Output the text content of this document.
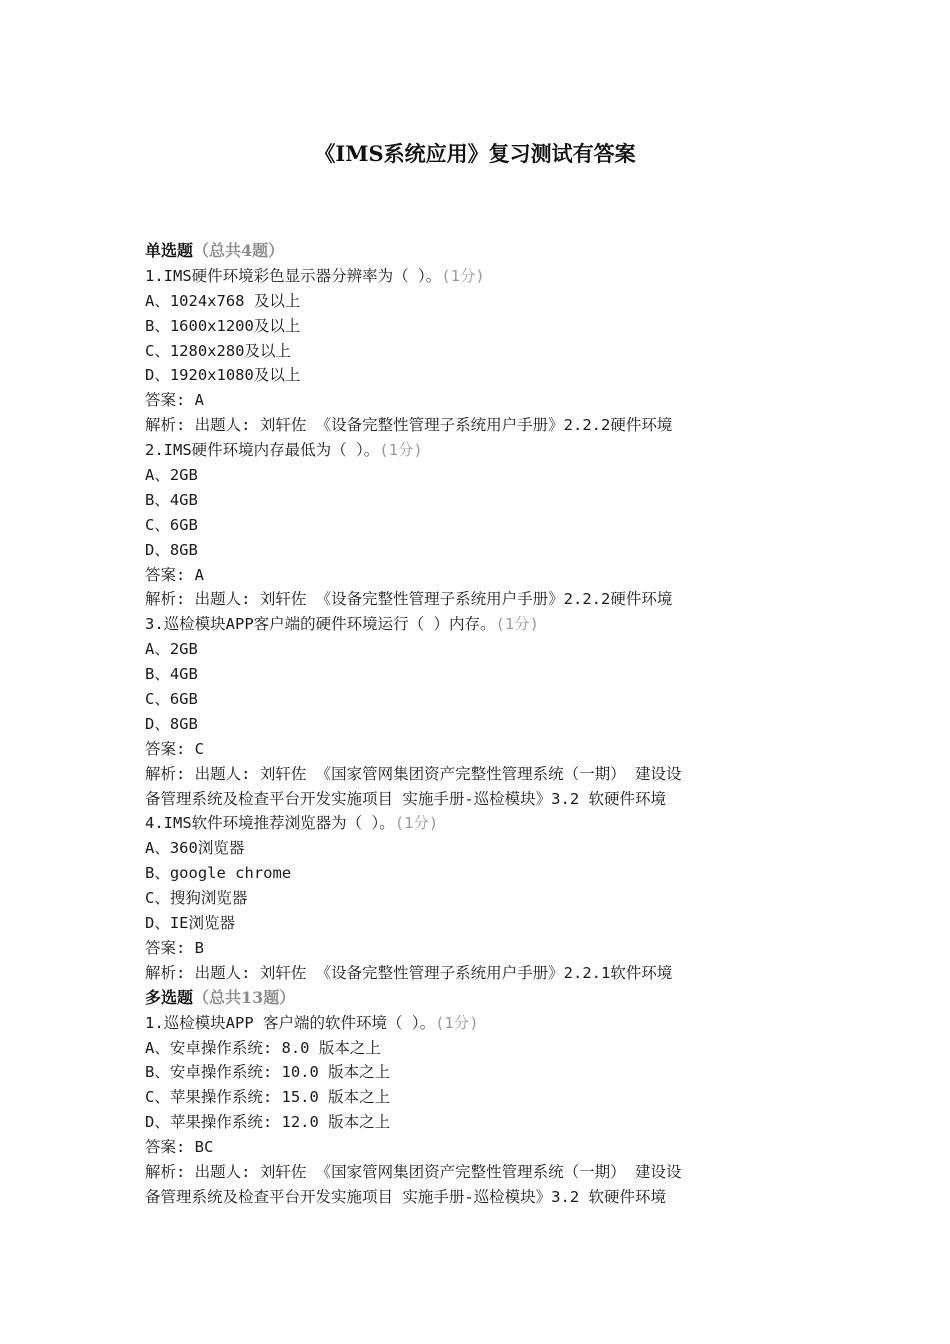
《IMS系统应用》复习测试有答案
单选题（总共4题）
1.IMS硬件环境彩色显示器分辨率为（ ）。(1分)
A、1024x768 及以上
B、1600x1200及以上
C、1280x280及以上
D、1920x1080及以上
答案: A
解析: 出题人: 刘轩佐 《设备完整性管理子系统用户手册》2.2.2硬件环境
2.IMS硬件环境内存最低为（ ）。(1分)
A、2GB
B、4GB
C、6GB
D、8GB
答案: A
解析: 出题人: 刘轩佐 《设备完整性管理子系统用户手册》2.2.2硬件环境
3.巡检模块APP客户端的硬件环境运行（ ）内存。(1分)
A、2GB
B、4GB
C、6GB
D、8GB
答案: C
解析: 出题人: 刘轩佐 《国家管网集团资产完整性管理系统（一期） 建设设
备管理系统及检查平台开发实施项目 实施手册-巡检模块》3.2 软硬件环境
4.IMS软件环境推荐浏览器为（ ）。(1分)
A、360浏览器
B、google chrome
C、搜狗浏览器
D、IE浏览器
答案: B
解析: 出题人: 刘轩佐 《设备完整性管理子系统用户手册》2.2.1软件环境
多选题（总共13题）
1.巡检模块APP 客户端的软件环境（ ）。(1分)
A、安卓操作系统: 8.0 版本之上
B、安卓操作系统: 10.0 版本之上
C、苹果操作系统: 15.0 版本之上
D、苹果操作系统: 12.0 版本之上
答案: BC
解析: 出题人: 刘轩佐 《国家管网集团资产完整性管理系统（一期） 建设设
备管理系统及检查平台开发实施项目 实施手册-巡检模块》3.2 软硬件环境
